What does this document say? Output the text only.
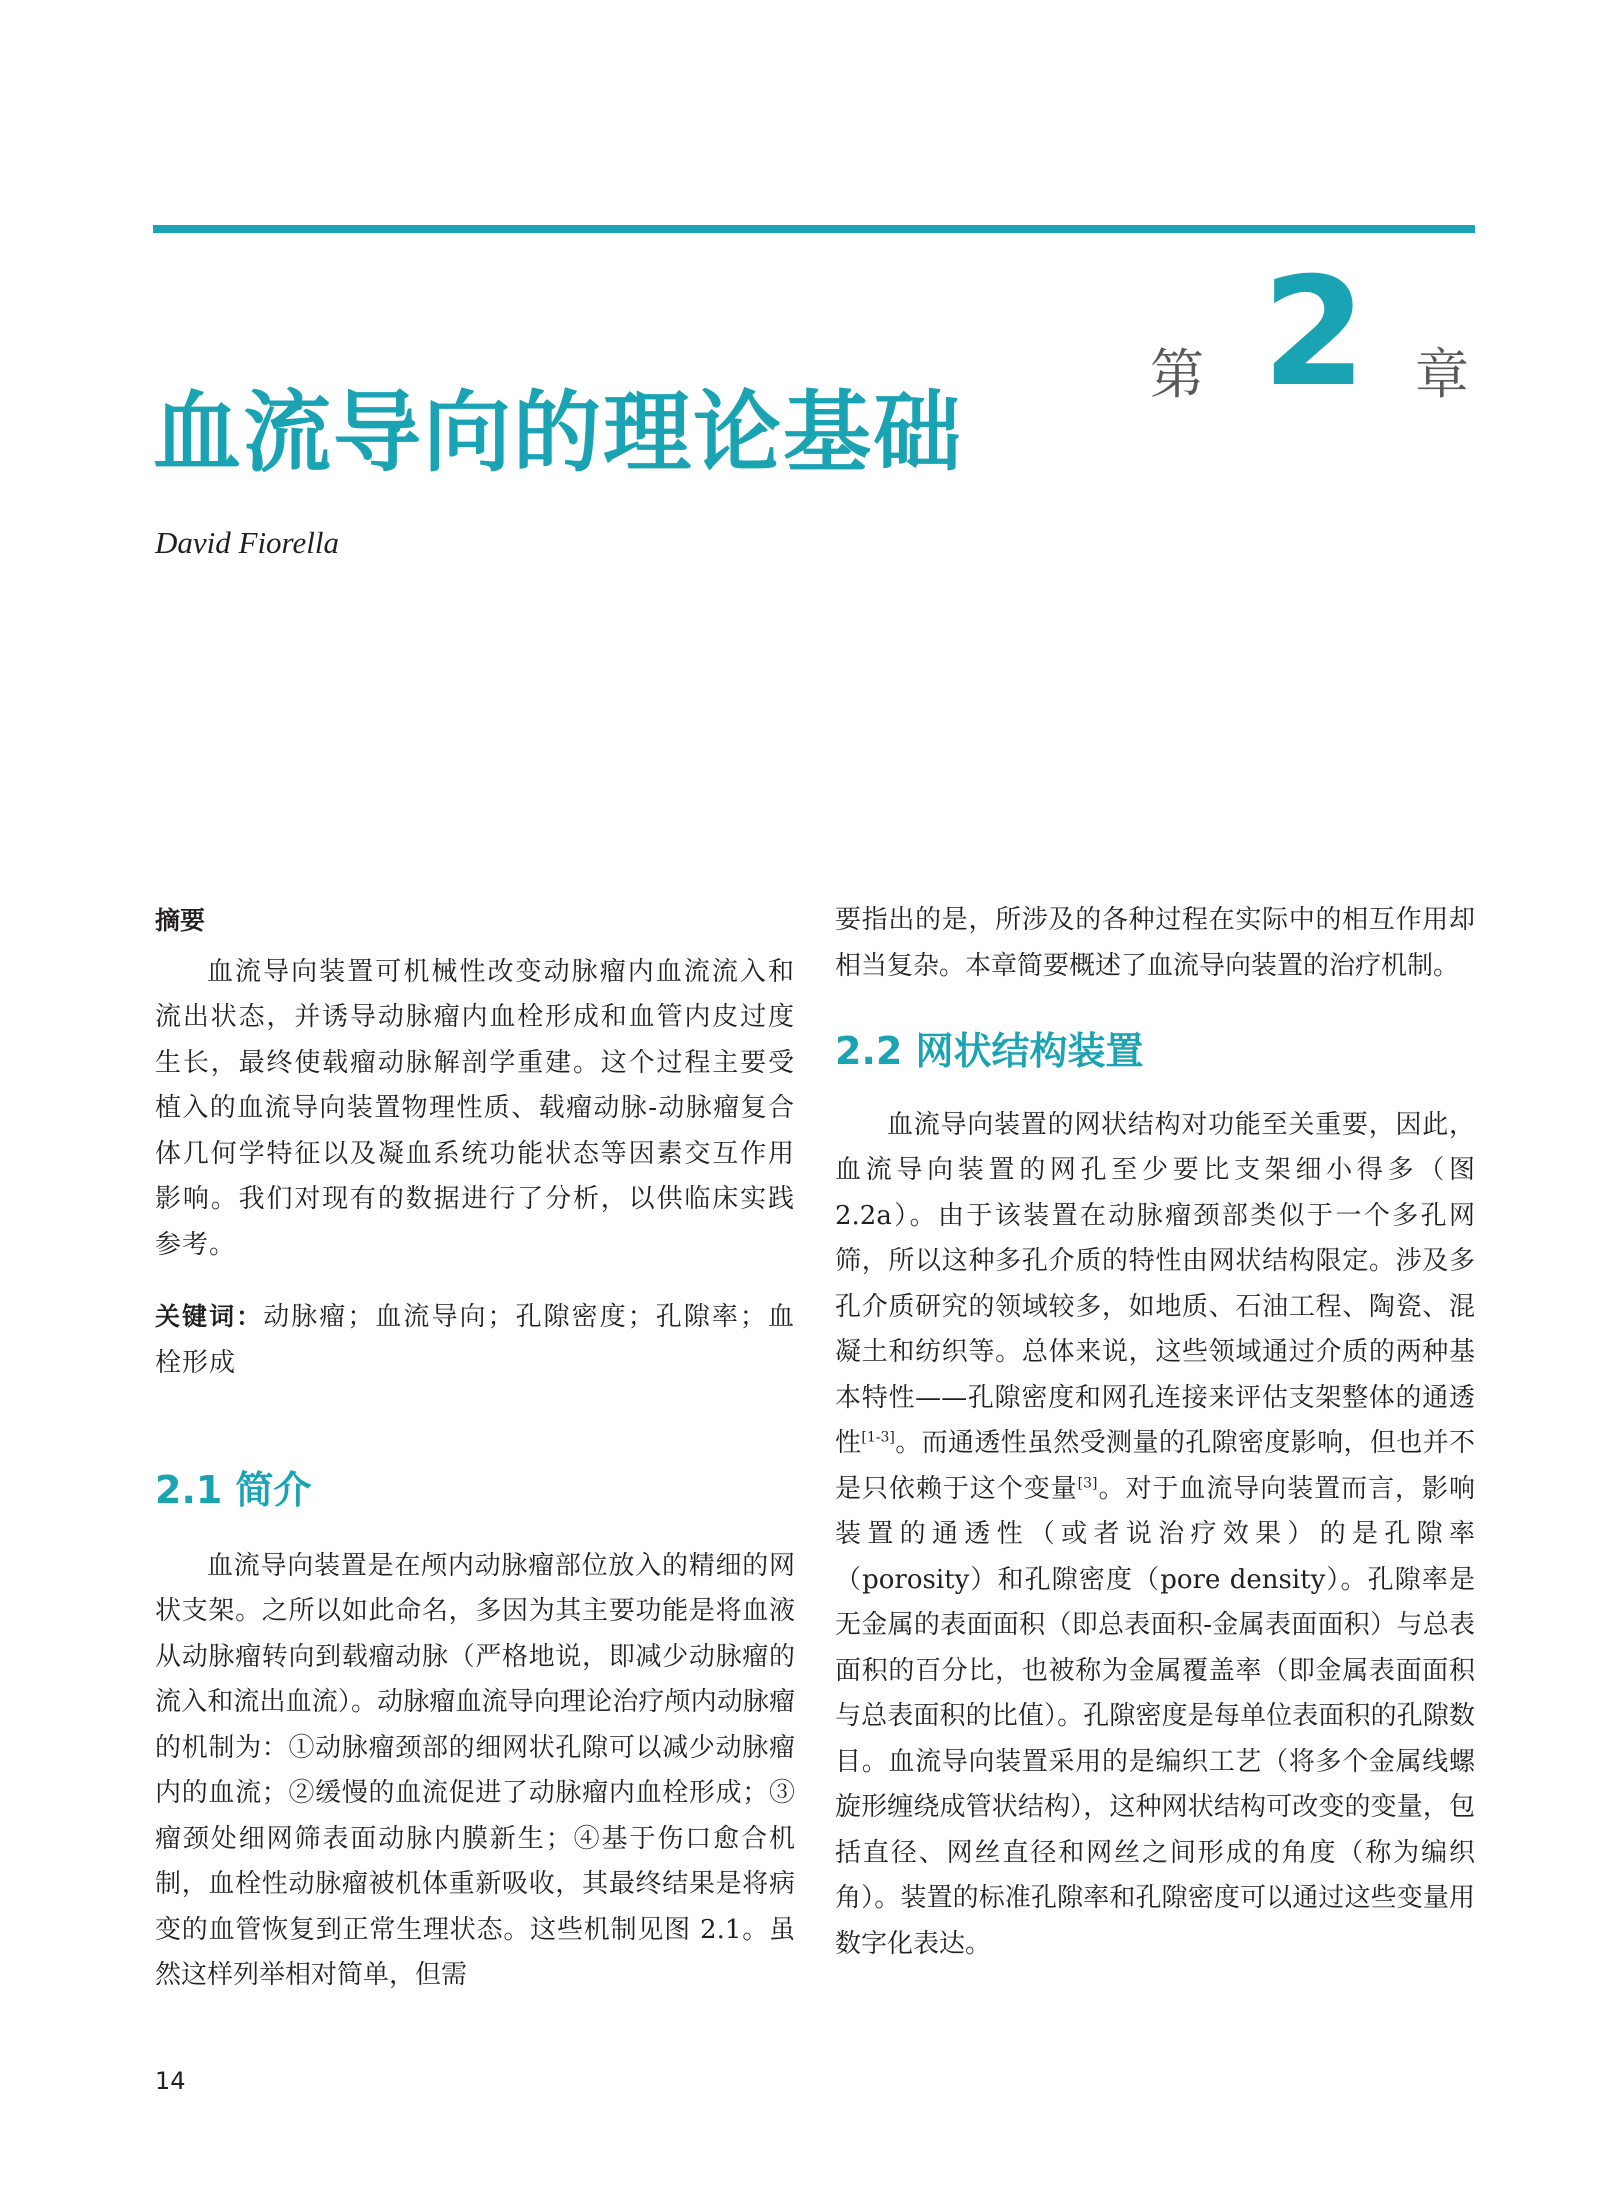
第 2 章
血流导向的理论基础
David Fiorella
摘要

血流导向装置可机械性改变动脉瘤内血流流入和流出状态，并诱导动脉瘤内血栓形成和血管内皮过度生长，最终使载瘤动脉解剖学重建。这个过程主要受植入的血流导向装置物理性质、载瘤动脉-动脉瘤复合体几何学特征以及凝血系统功能状态等因素交互作用影响。我们对现有的数据进行了分析，以供临床实践参考。

关键词：动脉瘤；血流导向；孔隙密度；孔隙率；血栓形成
2.1 简介

血流导向装置是在颅内动脉瘤部位放入的精细的网状支架。之所以如此命名，多因为其主要功能是将血液从动脉瘤转向到载瘤动脉（严格地说，即减少动脉瘤的流入和流出血流）。动脉瘤血流导向理论治疗颅内动脉瘤的机制为：①动脉瘤颈部的细网状孔隙可以减少动脉瘤内的血流；②缓慢的血流促进了动脉瘤内血栓形成；③瘤颈处细网筛表面动脉内膜新生；④基于伤口愈合机制，血栓性动脉瘤被机体重新吸收，其最终结果是将病变的血管恢复到正常生理状态。这些机制见图 2.1。虽然这样列举相对简单，但需

要指出的是，所涉及的各种过程在实际中的相互作用却相当复杂。本章简要概述了血流导向装置的治疗机制。

2.2 网状结构装置

血流导向装置的网状结构对功能至关重要，因此，血流导向装置的网孔至少要比支架细小得多（图 2.2a）。由于该装置在动脉瘤颈部类似于一个多孔网筛，所以这种多孔介质的特性由网状结构限定。涉及多孔介质研究的领域较多，如地质、石油工程、陶瓷、混凝土和纺织等。总体来说，这些领域通过介质的两种基本特性——孔隙密度和网孔连接来评估支架整体的通透性[1-3]。而通透性虽然受测量的孔隙密度影响，但也并不是只依赖于这个变量[3]。对于血流导向装置而言，影响装置的通透性（或者说治疗效果）的是孔隙率（porosity）和孔隙密度（pore density）。孔隙率是无金属的表面面积（即总表面积-金属表面面积）与总表面积的百分比，也被称为金属覆盖率（即金属表面面积与总表面积的比值）。孔隙密度是每单位表面积的孔隙数目。血流导向装置采用的是编织工艺（将多个金属线螺旋形缠绕成管状结构），这种网状结构可改变的变量，包括直径、网丝直径和网丝之间形成的角度（称为编织角）。装置的标准孔隙率和孔隙密度可以通过这些变量用数字化表达。

14
